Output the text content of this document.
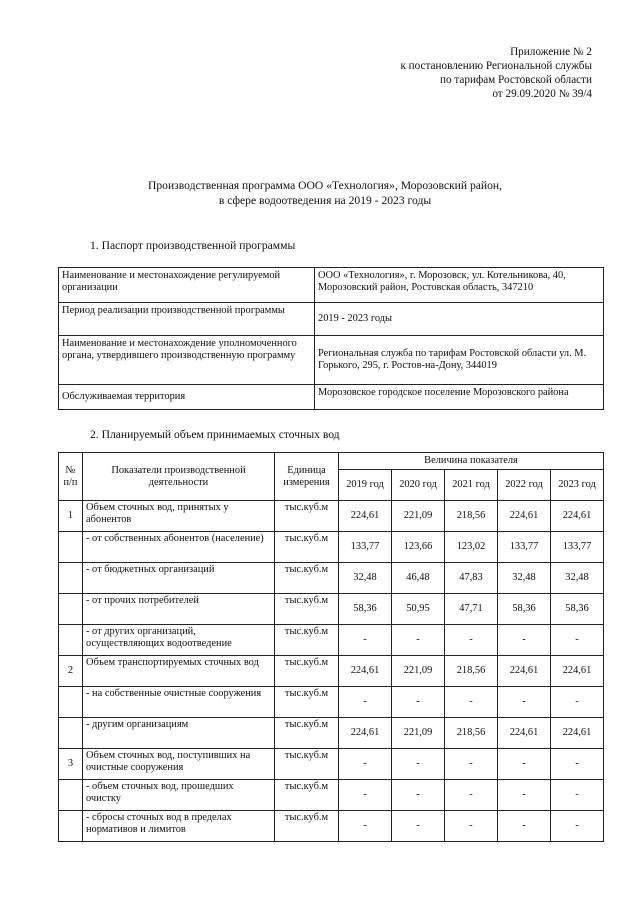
Приложение № 2
к постановлению Региональной службы
по тарифам Ростовской области
от 29.09.2020 № 39/4
Производственная программа ООО «Технология», Морозовский район,
в сфере водоотведения на 2019 - 2023 годы
1. Паспорт производственной программы
Наименование и местонахождение регулируемой организации	ООО «Технология», г. Морозовск, ул. Котельникова, 40, Морозовский район, Ростовская область, 347210
Период реализации производственной программы	2019 - 2023 годы
Наименование и местонахождение уполномоченного органа, утвердившего производственную программу	Региональная служба по тарифам Ростовской области ул. М. Горького, 295, г. Ростов-на-Дону, 344019
Обслуживаемая территория	Морозовское городское поселение Морозовского района
2. Планируемый объем принимаемых сточных вод
№ п/п	Показатели производственной деятельности	Единица измерения	Величина показателя				
			2019 год	2020 год	2021 год	2022 год	2023 год
1	Объем сточных вод, принятых у абонентов	тыс.куб.м	224,61	221,09	218,56	224,61	224,61
	- от собственных абонентов (население)	тыс.куб.м	133,77	123,66	123,02	133,77	133,77
	- от бюджетных организаций	тыс.куб.м	32,48	46,48	47,83	32,48	32,48
	- от прочих потребителей	тыс.куб.м	58,36	50,95	47,71	58,36	58,36
	- от других организаций, осуществляющих водоотведение	тыс.куб.м	-	-	-	-	-
2	Объем транспортируемых сточных вод	тыс.куб.м	224,61	221,09	218,56	224,61	224,61
	- на собственные очистные сооружения	тыс.куб.м	-	-	-	-	-
	- другим организациям	тыс.куб.м	224,61	221,09	218,56	224,61	224,61
3	Объем сточных вод, поступивших на очистные сооружения	тыс.куб.м	-	-	-	-	-
	- объем сточных вод, прошедших очистку	тыс.куб.м	-	-	-	-	-
	- сбросы сточных вод в пределах нормативов и лимитов	тыс.куб.м	-	-	-	-	-
